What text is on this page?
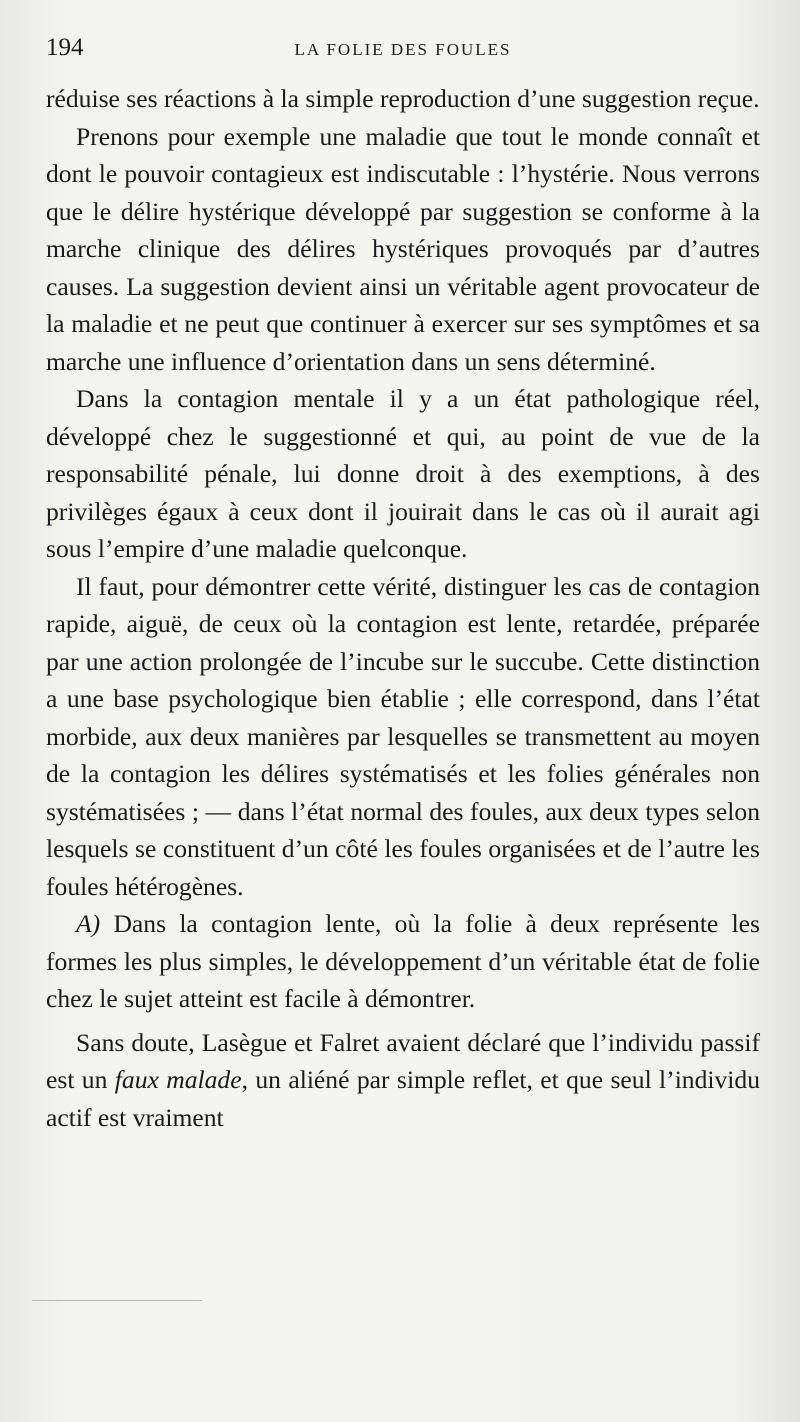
194	LA FOLIE DES FOULES

réduise ses réactions à la simple reproduction d’une suggestion reçue.

Prenons pour exemple une maladie que tout le monde connaît et dont le pouvoir contagieux est indiscutable : l’hystérie. Nous verrons que le délire hystérique développé par suggestion se conforme à la marche clinique des délires hystériques provoqués par d’autres causes. La suggestion devient ainsi un véritable agent provocateur de la maladie et ne peut que continuer à exercer sur ses symptômes et sa marche une influence d’orientation dans un sens déterminé.

Dans la contagion mentale il y a un état pathologique réel, développé chez le suggestionné et qui, au point de vue de la responsabilité pénale, lui donne droit à des exemptions, à des privilèges égaux à ceux dont il jouirait dans le cas où il aurait agi sous l’empire d’une maladie quelconque.

Il faut, pour démontrer cette vérité, distinguer les cas de contagion rapide, aiguë, de ceux où la contagion est lente, retardée, préparée par une action prolongée de l’incube sur le succube. Cette distinction a une base psychologique bien établie ; elle correspond, dans l’état morbide, aux deux manières par lesquelles se transmettent au moyen de la contagion les délires systématisés et les folies générales non systématisées ; — dans l’état normal des foules, aux deux types selon lesquels se constituent d’un côté les foules organisées et de l’autre les foules hétérogènes.

A) Dans la contagion lente, où la folie à deux représente les formes les plus simples, le développement d’un véritable état de folie chez le sujet atteint est facile à démontrer.

Sans doute, Lasègue et Falret avaient déclaré que l’individu passif est un faux malade, un aliéné par simple reflet, et que seul l’individu actif est vraiment
